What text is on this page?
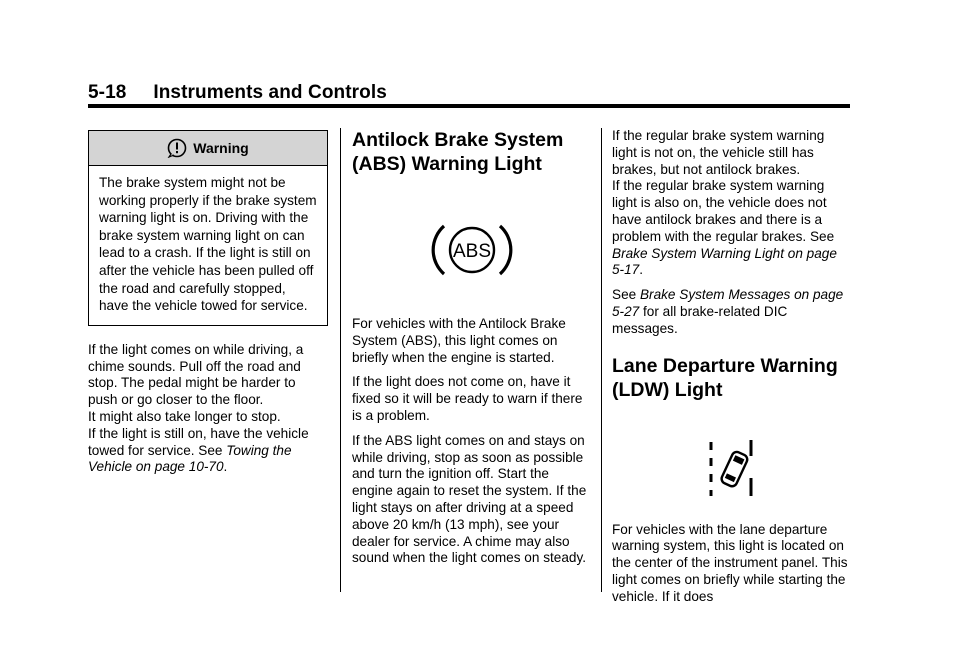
5-18     Instruments and Controls
Warning

The brake system might not be working properly if the brake system warning light is on. Driving with the brake system warning light on can lead to a crash. If the light is still on after the vehicle has been pulled off the road and carefully stopped, have the vehicle towed for service.

If the light comes on while driving, a chime sounds. Pull off the road and stop. The pedal might be harder to push or go closer to the floor.

It might also take longer to stop.

If the light is still on, have the vehicle towed for service. See Towing the Vehicle on page 10-70.

Antilock Brake System (ABS) Warning Light
ABS

For vehicles with the Antilock Brake System (ABS), this light comes on briefly when the engine is started.

If the light does not come on, have it fixed so it will be ready to warn if there is a problem.

If the ABS light comes on and stays on while driving, stop as soon as possible and turn the ignition off. Start the engine again to reset the system. If the light stays on after driving at a speed above 20 km/h (13 mph), see your dealer for service. A chime may also sound when the light comes on steady.

If the regular brake system warning light is not on, the vehicle still has brakes, but not antilock brakes.

If the regular brake system warning light is also on, the vehicle does not have antilock brakes and there is a problem with the regular brakes. See Brake System Warning Light on page 5-17.

See Brake System Messages on page 5-27 for all brake-related DIC messages.

Lane Departure Warning (LDW) Light

For vehicles with the lane departure warning system, this light is located on the center of the instrument panel. This light comes on briefly while starting the vehicle. If it does
